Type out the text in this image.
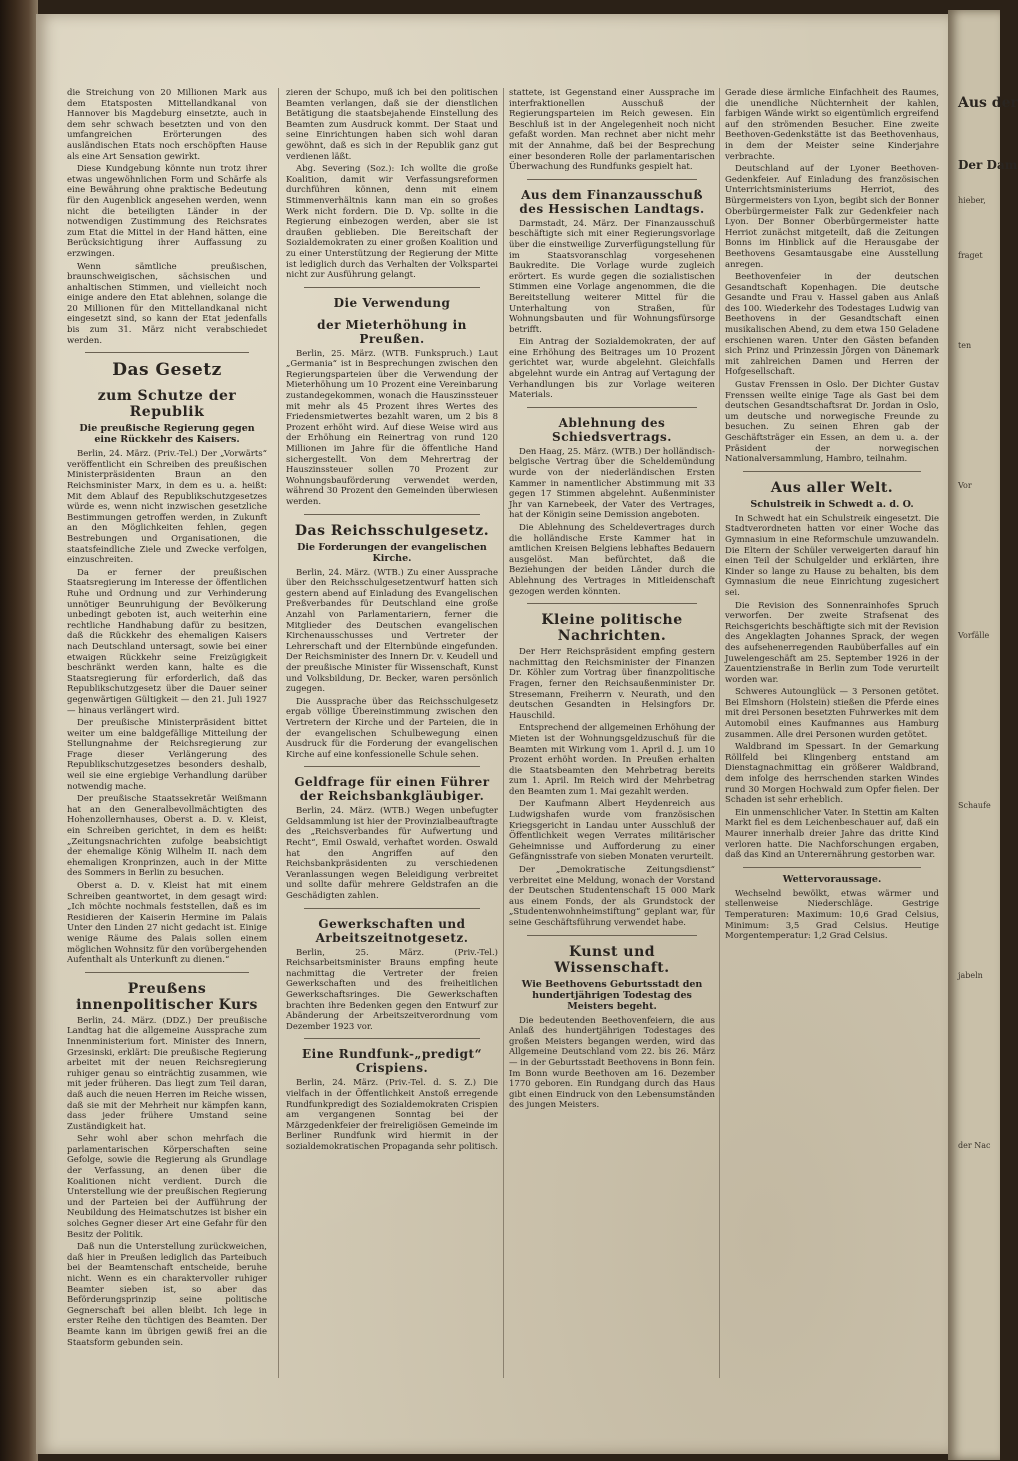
Aus der
Der Dam
hieber,
fraget
ten
Vor
Vorfälle
Schaufe
jabeln
der Nac

die Streichung von 20 Millionen Mark aus dem Etatsposten Mittellandkanal von Hannover bis Magdeburg einsetzte, auch in dem sehr schwach besetzten und von den umfangreichen Erörterungen des ausländischen Etats noch erschöpften Hause als eine Art Sensation gewirkt.

Diese Kundgebung könnte nun trotz ihrer etwas ungewöhnlichen Form und Schärfe als eine Bewährung ohne praktische Bedeutung für den Augenblick angesehen werden, wenn nicht die beteiligten Länder in der notwendigen Zustimmung des Reichsrates zum Etat die Mittel in der Hand hätten, eine Berücksichtigung ihrer Auffassung zu erzwingen.

Wenn sämtliche preußischen, braunschweigischen, sächsischen und anhaltischen Stimmen, und vielleicht noch einige andere den Etat ablehnen, solange die 20 Millionen für den Mittellandkanal nicht eingesetzt sind, so kann der Etat jedenfalls bis zum 31. März nicht verabschiedet werden.

Das Gesetz
zum Schutze der Republik
Die preußische Regierung gegen eine Rückkehr des Kaisers.

Berlin, 24. März. (Priv.-Tel.) Der „Vorwärts“ veröffentlicht ein Schreiben des preußischen Ministerpräsidenten Braun an den Reichsminister Marx, in dem es u. a. heißt: Mit dem Ablauf des Republikschutzgesetzes würde es, wenn nicht inzwischen gesetzliche Bestimmungen getroffen werden, in Zukunft an den Möglichkeiten fehlen, gegen Bestrebungen und Organisationen, die staatsfeindliche Ziele und Zwecke verfolgen, einzuschreiten.

Da er ferner der preußischen Staatsregierung im Interesse der öffentlichen Ruhe und Ordnung und zur Verhinderung unnötiger Beunruhigung der Bevölkerung unbedingt geboten ist, auch weiterhin eine rechtliche Handhabung dafür zu besitzen, daß die Rückkehr des ehemaligen Kaisers nach Deutschland untersagt, sowie bei einer etwaigen Rückkehr seine Freizügigkeit beschränkt werden kann, halte es die Staatsregierung für erforderlich, daß das Republikschutzgesetz über die Dauer seiner gegenwärtigen Gültigkeit — den 21. Juli 1927 — hinaus verlängert wird.

Der preußische Ministerpräsident bittet weiter um eine baldgefällige Mitteilung der Stellungnahme der Reichsregierung zur Frage dieser Verlängerung des Republikschutzgesetzes besonders deshalb, weil sie eine ergiebige Verhandlung darüber notwendig mache.

Der preußische Staatssekretär Weißmann hat an den Generalbevollmächtigten des Hohenzollernhauses, Oberst a. D. v. Kleist, ein Schreiben gerichtet, in dem es heißt: „Zeitungsnachrichten zufolge beabsichtigt der ehemalige König Wilhelm II. nach dem ehemaligen Kronprinzen, auch in der Mitte des Sommers in Berlin zu besuchen.

Oberst a. D. v. Kleist hat mit einem Schreiben geantwortet, in dem gesagt wird: „Ich möchte nochmals feststellen, daß es im Residieren der Kaiserin Hermine im Palais Unter den Linden 27 nicht gedacht ist. Einige wenige Räume des Palais sollen einem möglichen Wohnsitz für den vorübergehenden Aufenthalt als Unterkunft zu dienen.“

Preußens innenpolitischer Kurs

Berlin, 24. März. (DDZ.) Der preußische Landtag hat die allgemeine Aussprache zum Innenministerium fort. Minister des Innern, Grzesinski, erklärt: Die preußische Regierung arbeitet mit der neuen Reichsregierung ruhiger genau so einträchtig zusammen, wie mit jeder früheren. Das liegt zum Teil daran, daß auch die neuen Herren im Reiche wissen, daß sie mit der Mehrheit nur kämpfen kann, dass jeder frühere Umstand seine Zuständigkeit hat.

Sehr wohl aber schon mehrfach die parlamentarischen Körperschaften seine Gefolge, sowie die Regierung als Grundlage der Verfassung, an denen über die Koalitionen nicht verdient. Durch die Unterstellung wie der preußischen Regierung und der Parteien bei der Aufführung der Neubildung des Heimatschutzes ist bisher ein solches Gegner dieser Art eine Gefahr für den Besitz der Politik.

Daß nun die Unterstellung zurückweichen, daß hier in Preußen lediglich das Parteibuch bei der Beamtenschaft entscheide, beruhe nicht. Wenn es ein charaktervoller ruhiger Beamter sieben ist, so aber das Beförderungsprinzip seine politische Gegnerschaft bei allen bleibt. Ich lege in erster Reihe den tüchtigen des Beamten. Der Beamte kann im übrigen gewiß frei an die Staatsform gebunden sein.

zieren der Schupo, muß ich bei den politischen Beamten verlangen, daß sie der dienstlichen Betätigung die staatsbejahende Einstellung des Beamten zum Ausdruck kommt. Der Staat und seine Einrichtungen haben sich wohl daran gewöhnt, daß es sich in der Republik ganz gut verdienen läßt.

Abg. Severing (Soz.): Ich wollte die große Koalition, damit wir Verfassungsreformen durchführen können, denn mit einem Stimmenverhältnis kann man ein so großes Werk nicht fordern. Die D. Vp. sollte in die Regierung einbezogen werden, aber sie ist draußen geblieben. Die Bereitschaft der Sozialdemokraten zu einer großen Koalition und zu einer Unterstützung der Regierung der Mitte ist lediglich durch das Verhalten der Volkspartei nicht zur Ausführung gelangt.

Die Verwendung
der Mieterhöhung in Preußen.

Berlin, 25. März. (WTB. Funkspruch.) Laut „Germania“ ist in Besprechungen zwischen den Regierungsparteien über die Verwendung der Mieterhöhung um 10 Prozent eine Vereinbarung zustandegekommen, wonach die Hauszinssteuer mit mehr als 45 Prozent ihres Wertes des Friedensmietwertes bezahlt waren, um 2 bis 8 Prozent erhöht wird. Auf diese Weise wird aus der Erhöhung ein Reinertrag von rund 120 Millionen im Jahre für die öffentliche Hand sichergestellt. Von dem Mehrertrag der Hauszinssteuer sollen 70 Prozent zur Wohnungsbauförderung verwendet werden, während 30 Prozent den Gemeinden überwiesen werden.

Das Reichsschulgesetz.
Die Forderungen der evangelischen Kirche.

Berlin, 24. März. (WTB.) Zu einer Aussprache über den Reichsschulgesetzentwurf hatten sich gestern abend auf Einladung des Evangelischen Preßverbandes für Deutschland eine große Anzahl von Parlamentariern, ferner die Mitglieder des Deutschen evangelischen Kirchenausschusses und Vertreter der Lehrerschaft und der Elternbünde eingefunden. Der Reichsminister des Innern Dr. v. Keudell und der preußische Minister für Wissenschaft, Kunst und Volksbildung, Dr. Becker, waren persönlich zugegen.

Die Aussprache über das Reichsschulgesetz ergab völlige Übereinstimmung zwischen den Vertretern der Kirche und der Parteien, die in der evangelischen Schulbewegung einen Ausdruck für die Forderung der evangelischen Kirche auf eine konfessionelle Schule sehen.

Geldfrage für einen Führer der Reichsbankgläubiger.

Berlin, 24. März. (WTB.) Wegen unbefugter Geldsammlung ist hier der Provinzialbeauftragte des „Reichsverbandes für Aufwertung und Recht“, Emil Oswald, verhaftet worden. Oswald hat den Angriffen auf den Reichsbankpräsidenten zu verschiedenen Veranlassungen wegen Beleidigung verbreitet und sollte dafür mehrere Geldstrafen an die Geschädigten zahlen.

Gewerkschaften und Arbeitszeitnotgesetz.

Berlin, 25. März. (Priv.-Tel.) Reichsarbeitsminister Brauns empfing heute nachmittag die Vertreter der freien Gewerkschaften und des freiheitlichen Gewerkschaftsringes. Die Gewerkschaften brachten ihre Bedenken gegen den Entwurf zur Abänderung der Arbeitszeitverordnung vom Dezember 1923 vor.

Eine Rundfunk-„predigt“ Crispiens.

Berlin, 24. März. (Priv.-Tel. d. S. Z.) Die vielfach in der Öffentlichkeit Anstoß erregende Rundfunkpredigt des Sozialdemokraten Crispien am vergangenen Sonntag bei der Märzgedenkfeier der freireligiösen Gemeinde im Berliner Rundfunk wird hiermit in der sozialdemokratischen Propaganda sehr politisch.

stattete, ist Gegenstand einer Aussprache im interfraktionellen Ausschuß der Regierungsparteien im Reich gewesen. Ein Beschluß ist in der Angelegenheit noch nicht gefaßt worden. Man rechnet aber nicht mehr mit der Annahme, daß bei der Besprechung einer besonderen Rolle der parlamentarischen Überwachung des Rundfunks gespielt hat.

Aus dem Finanzausschuß des Hessischen Landtags.

Darmstadt, 24. März. Der Finanzausschuß beschäftigte sich mit einer Regierungsvorlage über die einstweilige Zurverfügungstellung für im Staatsvoranschlag vorgesehenen Baukredite. Die Vorlage wurde zugleich erörtert. Es wurde gegen die sozialistischen Stimmen eine Vorlage angenommen, die die Bereitstellung weiterer Mittel für die Unterhaltung von Straßen, für Wohnungsbauten und für Wohnungsfürsorge betrifft.

Ein Antrag der Sozialdemokraten, der auf eine Erhöhung des Beitrages um 10 Prozent gerichtet war, wurde abgelehnt. Gleichfalls abgelehnt wurde ein Antrag auf Vertagung der Verhandlungen bis zur Vorlage weiteren Materials.

Ablehnung des Schiedsvertrags.

Den Haag, 25. März. (WTB.) Der holländisch-belgische Vertrag über die Scheldemündung wurde von der niederländischen Ersten Kammer in namentlicher Abstimmung mit 33 gegen 17 Stimmen abgelehnt. Außenminister Jhr van Karnebeek, der Vater des Vertrages, hat der Königin seine Demission angeboten.

Die Ablehnung des Scheldevertrages durch die holländische Erste Kammer hat in amtlichen Kreisen Belgiens lebhaftes Bedauern ausgelöst. Man befürchtet, daß die Beziehungen der beiden Länder durch die Ablehnung des Vertrages in Mitleidenschaft gezogen werden könnten.

Kleine politische Nachrichten.

Der Herr Reichspräsident empfing gestern nachmittag den Reichsminister der Finanzen Dr. Köhler zum Vortrag über finanzpolitische Fragen, ferner den Reichsaußenminister Dr. Stresemann, Freiherrn v. Neurath, und den deutschen Gesandten in Helsingfors Dr. Hauschild.

Entsprechend der allgemeinen Erhöhung der Mieten ist der Wohnungsgeldzuschuß für die Beamten mit Wirkung vom 1. April d. J. um 10 Prozent erhöht worden. In Preußen erhalten die Staatsbeamten den Mehrbetrag bereits zum 1. April. Im Reich wird der Mehrbetrag den Beamten zum 1. Mai gezahlt werden.

Der Kaufmann Albert Heydenreich aus Ludwigshafen wurde vom französischen Kriegsgericht in Landau unter Ausschluß der Öffentlichkeit wegen Verrates militärischer Geheimnisse und Aufforderung zu einer Gefängnisstrafe von sieben Monaten verurteilt.

Der „Demokratische Zeitungsdienst“ verbreitet eine Meldung, wonach der Vorstand der Deutschen Studentenschaft 15 000 Mark aus einem Fonds, der als Grundstock der „Studentenwohnheimstiftung“ geplant war, für seine Geschäftsführung verwendet habe.

Kunst und Wissenschaft.
Wie Beethovens Geburtsstadt den hundertjährigen Todestag des Meisters begeht.

Die bedeutenden Beethovenfeiern, die aus Anlaß des hundertjährigen Todestages des großen Meisters begangen werden, wird das Allgemeine Deutschland vom 22. bis 26. März — in der Geburtsstadt Beethovens in Bonn fein. Im Bonn wurde Beethoven am 16. Dezember 1770 geboren. Ein Rundgang durch das Haus gibt einen Eindruck von den Lebensumständen des jungen Meisters.

Gerade diese ärmliche Einfachheit des Raumes, die unendliche Nüchternheit der kahlen, farbigen Wände wirkt so eigentümlich ergreifend auf den strömenden Besucher. Eine zweite Beethoven-Gedenkstätte ist das Beethovenhaus, in dem der Meister seine Kinderjahre verbrachte.

Deutschland auf der Lyoner Beethoven-Gedenkfeier. Auf Einladung des französischen Unterrichtsministeriums Herriot, des Bürgermeisters von Lyon, begibt sich der Bonner Oberbürgermeister Falk zur Gedenkfeier nach Lyon. Der Bonner Oberbürgermeister hatte Herriot zunächst mitgeteilt, daß die Zeitungen Bonns im Hinblick auf die Herausgabe der Beethovens Gesamtausgabe eine Ausstellung anregen.

Beethovenfeier in der deutschen Gesandtschaft Kopenhagen. Die deutsche Gesandte und Frau v. Hassel gaben aus Anlaß des 100. Wiederkehr des Todestages Ludwig van Beethovens in der Gesandtschaft einen musikalischen Abend, zu dem etwa 150 Geladene erschienen waren. Unter den Gästen befanden sich Prinz und Prinzessin Jörgen von Dänemark mit zahlreichen Damen und Herren der Hofgesellschaft.

Gustav Frenssen in Oslo. Der Dichter Gustav Frenssen weilte einige Tage als Gast bei dem deutschen Gesandtschaftsrat Dr. Jordan in Oslo, um deutsche und norwegische Freunde zu besuchen. Zu seinen Ehren gab der Geschäftsträger ein Essen, an dem u. a. der Präsident der norwegischen Nationalversammlung, Hambro, teilnahm.

Aus aller Welt.
Schulstreik in Schwedt a. d. O.

In Schwedt hat ein Schulstreik eingesetzt. Die Stadtverordneten hatten vor einer Woche das Gymnasium in eine Reformschule umzuwandeln. Die Eltern der Schüler verweigerten darauf hin einen Teil der Schulgelder und erklärten, ihre Kinder so lange zu Hause zu behalten, bis dem Gymnasium die neue Einrichtung zugesichert sei.

Die Revision des Sonnenrainhofes Spruch verworfen. Der zweite Strafsenat des Reichsgerichts beschäftigte sich mit der Revision des Angeklagten Johannes Sprack, der wegen des aufsehenerregenden Raubüberfalles auf ein Juwelengeschäft am 25. September 1926 in der Zauentzienstraße in Berlin zum Tode verurteilt worden war.

Schweres Autounglück — 3 Personen getötet. Bei Elmshorn (Holstein) stießen die Pferde eines mit drei Personen besetzten Fuhrwerkes mit dem Automobil eines Kaufmannes aus Hamburg zusammen. Alle drei Personen wurden getötet.

Waldbrand im Spessart. In der Gemarkung Röllfeld bei Klingenberg entstand am Dienstagnachmittag ein größerer Waldbrand, dem infolge des herrschenden starken Windes rund 30 Morgen Hochwald zum Opfer fielen. Der Schaden ist sehr erheblich.

Ein unmenschlicher Vater. In Stettin am Kalten Markt fiel es dem Leichenbeschauer auf, daß ein Maurer innerhalb dreier Jahre das dritte Kind verloren hatte. Die Nachforschungen ergaben, daß das Kind an Unterernährung gestorben war.

Wettervoraussage.

Wechselnd bewölkt, etwas wärmer und stellenweise Niederschläge. Gestrige Temperaturen: Maximum: 10,6 Grad Celsius, Minimum: 3,5 Grad Celsius. Heutige Morgentemperatur: 1,2 Grad Celsius.
